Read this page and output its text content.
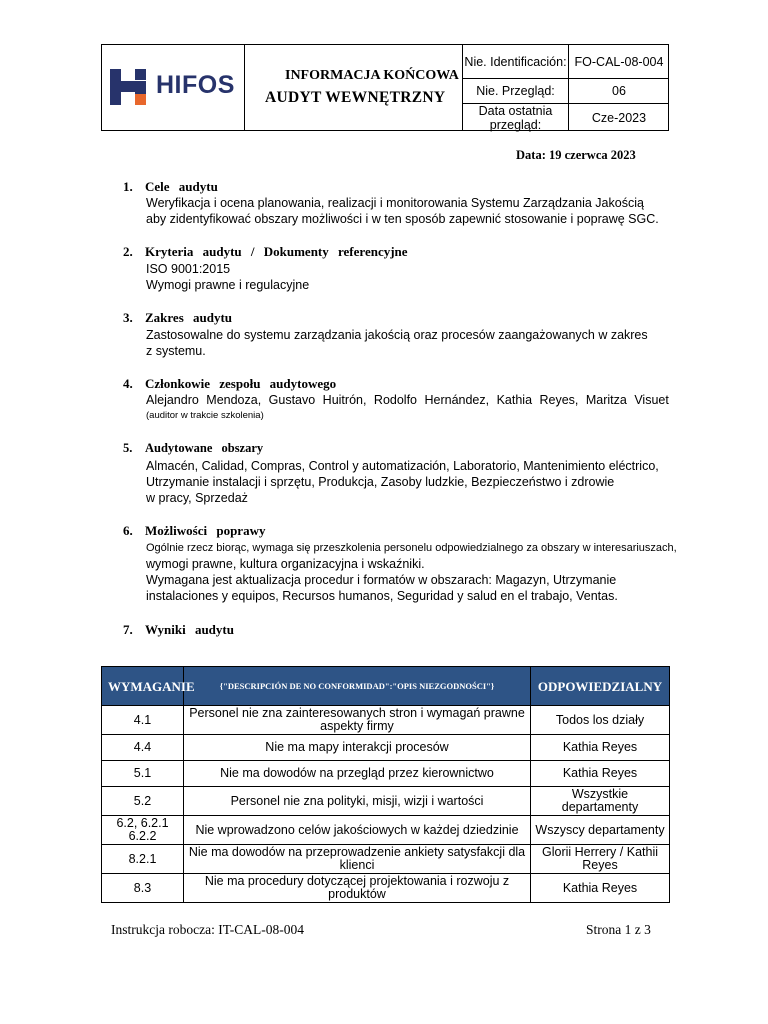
HIFOS	INFORMACJA KOŃCOWA
AUDYT WEWNĘTRZNY
Nie. Identificación: FO-CAL-08-004
Nie. Przegląd:	06
Data ostatnia przegląd:	Cze-2023
Data: 19 czerwca 2023
1. Cele audytu
Weryfikacja i ocena planowania, realizacji i monitorowania Systemu Zarządzania Jakością
aby zidentyfikować obszary możliwości i w ten sposób zapewnić stosowanie i poprawę SGC.
2. Kryteria audytu / Dokumenty referencyjne
ISO 9001:2015
Wymogi prawne i regulacyjne
3. Zakres audytu
Zastosowalne do systemu zarządzania jakością oraz procesów zaangażowanych w zakres
z systemu.
4. Członkowie zespołu audytowego
Alejandro Mendoza, Gustavo Huitrón, Rodolfo Hernández, Kathia Reyes, Maritza Visuet
(auditor w trakcie szkolenia)
5. Audytowane obszary
Almacén, Calidad, Compras, Control y automatización, Laboratorio, Mantenimiento eléctrico,
Utrzymanie instalacji i sprzętu, Produkcja, Zasoby ludzkie, Bezpieczeństwo i zdrowie
w pracy, Sprzedaż
6. Możliwości poprawy
Ogólnie rzecz biorąc, wymaga się przeszkolenia personelu odpowiedzialnego za obszary w interesariuszach,
wymogi prawne, kultura organizacyjna i wskaźniki.
Wymagana jest aktualizacja procedur i formatów w obszarach: Magazyn, Utrzymanie
instalaciones y equipos, Recursos humanos, Seguridad y salud en el trabajo, Ventas.
7. Wyniki audytu
WYMAGANIE	{"DESCRIPCIÓN DE NO CONFORMIDAD":"OPIS NIEZGODNOŚCI"}	ODPOWIEDZIALNY
4.1	Personel nie zna zainteresowanych stron i wymagań prawne aspekty firmy	Todos los działy
4.4	Nie ma mapy interakcji procesów	Kathia Reyes
5.1	Nie ma dowodów na przegląd przez kierownictwo	Kathia Reyes
5.2	Personel nie zna polityki, misji, wizji i wartości	Wszystkie departamenty
6.2, 6.2.1 6.2.2	Nie wprowadzono celów jakościowych w każdej dziedzinie	Wszyscy departamenty
8.2.1	Nie ma dowodów na przeprowadzenie ankiety satysfakcji dla klienci	Glorii Herrery / Kathii Reyes
8.3	Nie ma procedury dotyczącej projektowania i rozwoju z produktów	Kathia Reyes
Instrukcja robocza: IT-CAL-08-004	Strona 1 z 3
